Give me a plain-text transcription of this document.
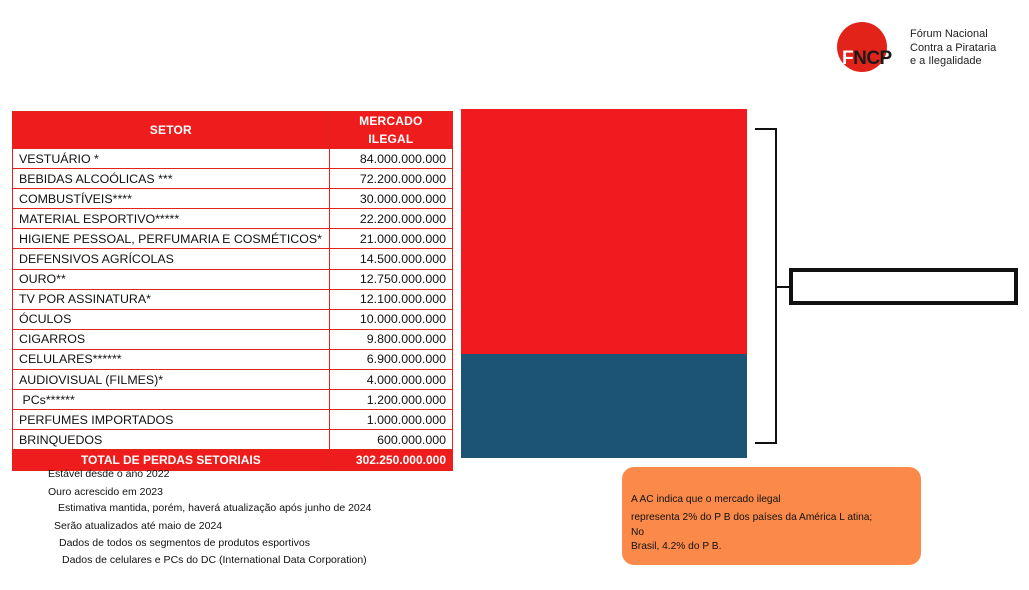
FNCP
Fórum Nacional
Contra a Pirataria
e a Ilegalidade
SETOR	MERCADO ILEGAL
VESTUÁRIO *	84.000.000.000
BEBIDAS ALCOÓLICAS ***	72.200.000.000
COMBUSTÍVEIS****	30.000.000.000
MATERIAL ESPORTIVO*****	22.200.000.000
HIGIENE PESSOAL, PERFUMARIA E COSMÉTICOS*	21.000.000.000
DEFENSIVOS AGRÍCOLAS	14.500.000.000
OURO**	12.750.000.000
TV POR ASSINATURA*	12.100.000.000
ÓCULOS	10.000.000.000
CIGARROS	9.800.000.000
CELULARES******	6.900.000.000
AUDIOVISUAL (FILMES)*	4.000.000.000
PCs******	1.200.000.000
PERFUMES IMPORTADOS	1.000.000.000
BRINQUEDOS	600.000.000
TOTAL DE PERDAS SETORIAIS	302.250.000.000
Estável desde o ano 2022
Ouro acrescido em 2023
Estimativa mantida, porém, haverá atualização após junho de 2024
Serão atualizados até maio de 2024
Dados de todos os segmentos de produtos esportivos
Dados de celulares e PCs do DC (International Data Corporation)
A AC indica que o mercado ilegal
representa 2% do P B dos países da América L atina;
No
Brasil, 4.2% do P B.
